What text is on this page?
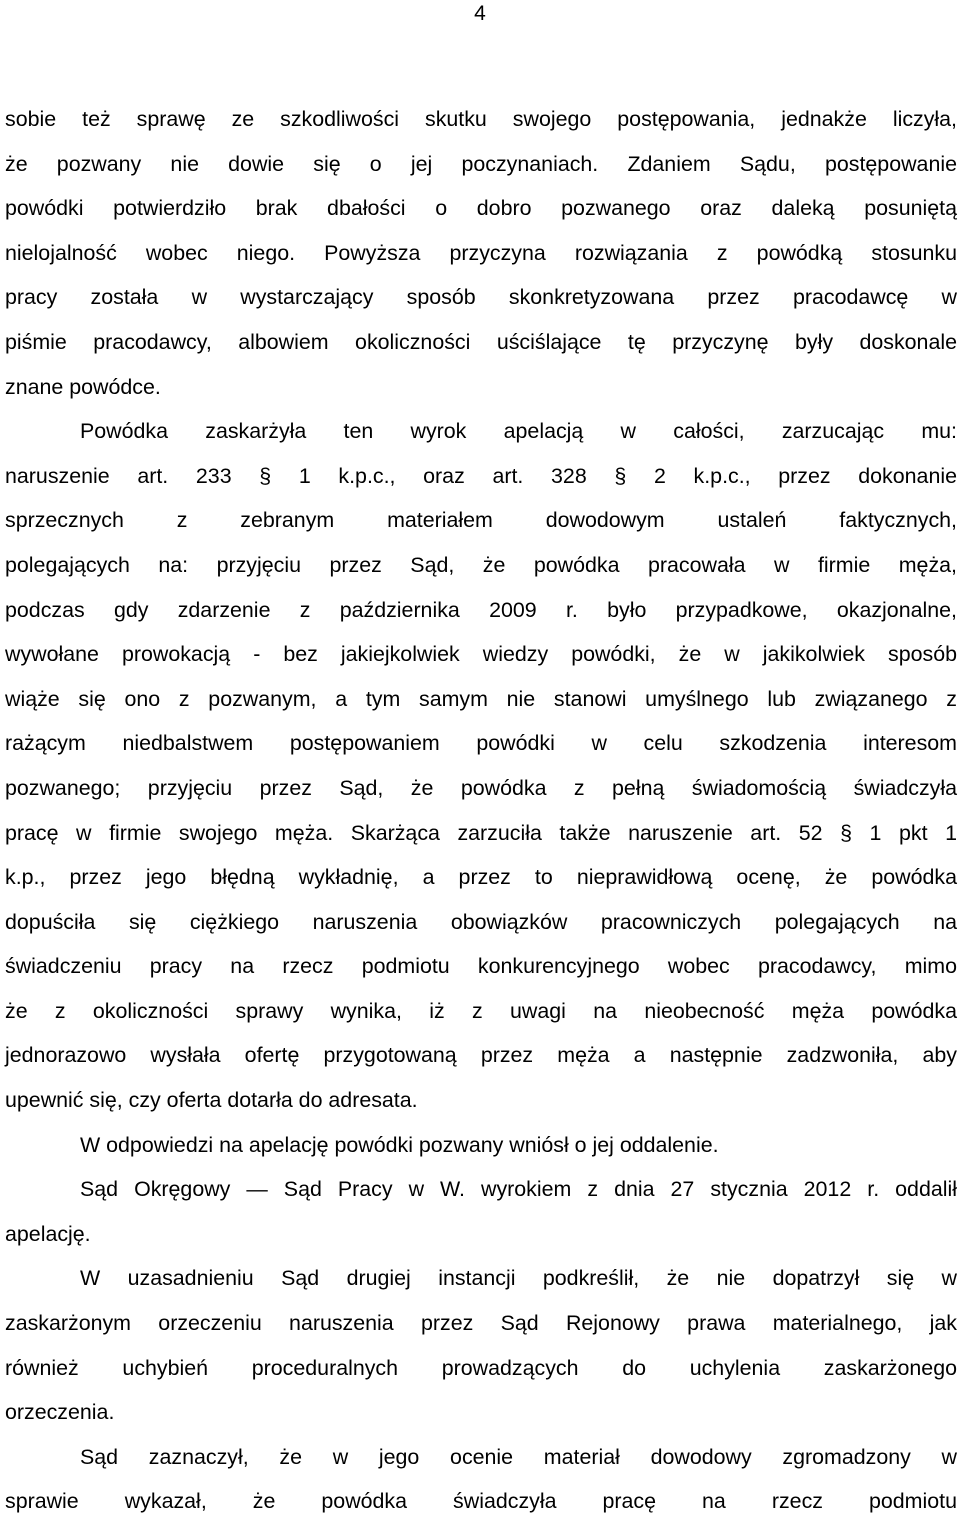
4
sobie też sprawę ze szkodliwości skutku swojego postępowania, jednakże liczyła,
że pozwany nie dowie się o jej poczynaniach. Zdaniem Sądu, postępowanie
powódki potwierdziło brak dbałości o dobro pozwanego oraz daleką posuniętą
nielojalność wobec niego. Powyższa przyczyna rozwiązania z powódką stosunku
pracy została w wystarczający sposób skonkretyzowana przez pracodawcę w
piśmie pracodawcy, albowiem okoliczności uściślające tę przyczynę były doskonale
znane powódce.
Powódka zaskarżyła ten wyrok apelacją w całości, zarzucając mu:
naruszenie art. 233 § 1 k.p.c., oraz art. 328 § 2 k.p.c., przez dokonanie
sprzecznych z zebranym materiałem dowodowym ustaleń faktycznych,
polegających na: przyjęciu przez Sąd, że powódka pracowała w firmie męża,
podczas gdy zdarzenie z października 2009 r. było przypadkowe, okazjonalne,
wywołane prowokacją - bez jakiejkolwiek wiedzy powódki, że w jakikolwiek sposób
wiąże się ono z pozwanym, a tym samym nie stanowi umyślnego lub związanego z
rażącym niedbalstwem postępowaniem powódki w celu szkodzenia interesom
pozwanego; przyjęciu przez Sąd, że powódka z pełną świadomością świadczyła
pracę w firmie swojego męża. Skarżąca zarzuciła także naruszenie art. 52 § 1 pkt 1
k.p., przez jego błędną wykładnię, a przez to nieprawidłową ocenę, że powódka
dopuściła się ciężkiego naruszenia obowiązków pracowniczych polegających na
świadczeniu pracy na rzecz podmiotu konkurencyjnego wobec pracodawcy, mimo
że z okoliczności sprawy wynika, iż z uwagi na nieobecność męża powódka
jednorazowo wysłała ofertę przygotowaną przez męża a następnie zadzwoniła, aby
upewnić się, czy oferta dotarła do adresata.
W odpowiedzi na apelację powódki pozwany wniósł o jej oddalenie.
Sąd Okręgowy — Sąd Pracy w W. wyrokiem z dnia 27 stycznia 2012 r. oddalił
apelację.
W uzasadnieniu Sąd drugiej instancji podkreślił, że nie dopatrzył się w
zaskarżonym orzeczeniu naruszenia przez Sąd Rejonowy prawa materialnego, jak
również uchybień proceduralnych prowadzących do uchylenia zaskarżonego
orzeczenia.
Sąd zaznaczył, że w jego ocenie materiał dowodowy zgromadzony w
sprawie wykazał, że powódka świadczyła pracę na rzecz podmiotu
